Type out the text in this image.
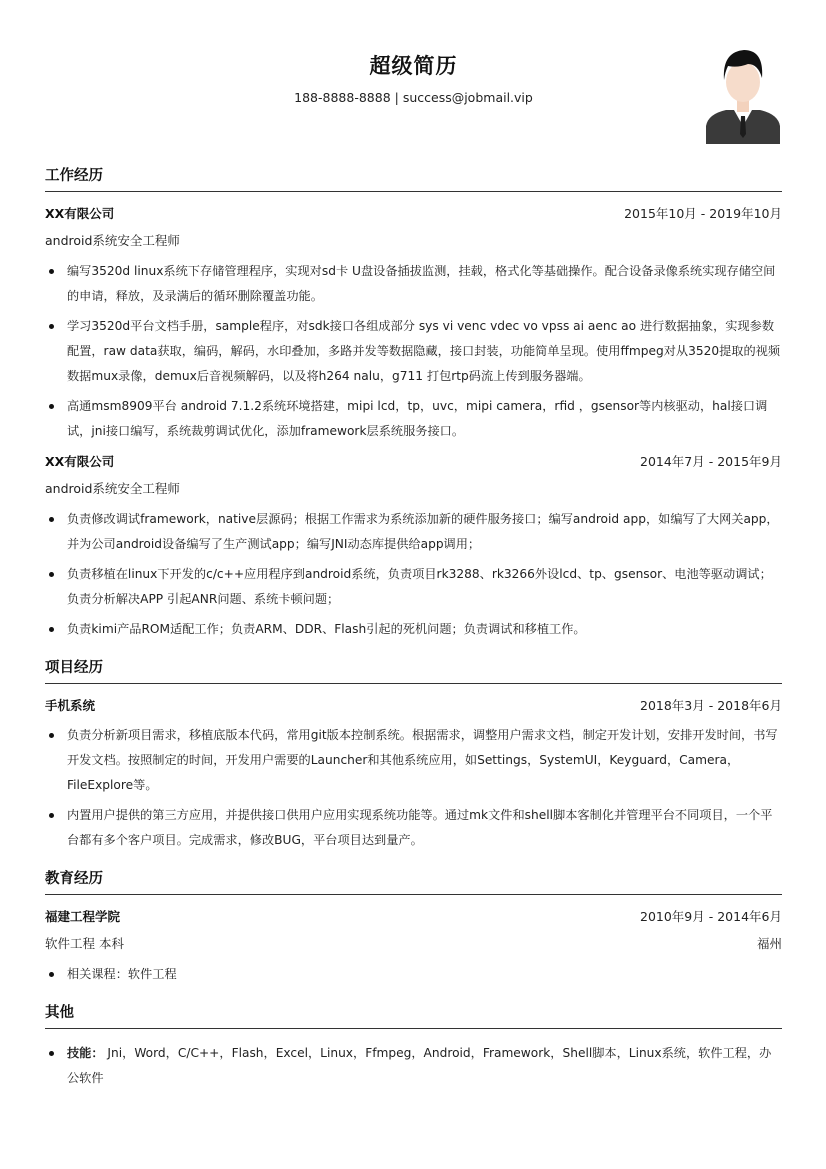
超级简历
188-8888-8888 | success@jobmail.vip
工作经历
XX有限公司	2015年10月 - 2019年10月
android系统安全工程师
编写3520d linux系统下存储管理程序，实现对sd卡 U盘设备插拔监测，挂载，格式化等基础操作。配合设备录像系统实现存储空间的申请，释放，及录满后的循环删除覆盖功能。
学习3520d平台文档手册，sample程序，对sdk接口各组成部分 sys vi venc vdec vo vpss ai aenc ao 进行数据抽象，实现参数配置，raw data获取，编码，解码，水印叠加，多路并发等数据隐藏，接口封装，功能简单呈现。使用ffmpeg对从3520提取的视频数据mux录像，demux后音视频解码，以及将h264 nalu，g711 打包rtp码流上传到服务器端。
高通msm8909平台 android 7.1.2系统环境搭建，mipi lcd，tp，uvc，mipi camera，rfid ，gsensor等内核驱动，hal接口调试，jni接口编写，系统裁剪调试优化，添加framework层系统服务接口。
XX有限公司	2014年7月 - 2015年9月
android系统安全工程师
负责修改调试framework，native层源码；根据工作需求为系统添加新的硬件服务接口；编写android app，如编写了大网关app，并为公司android设备编写了生产测试app；编写JNI动态库提供给app调用；
负责移植在linux下开发的c/c++应用程序到android系统，负责项目rk3288、rk3266外设lcd、tp、gsensor、电池等驱动调试；负责分析解决APP 引起ANR问题、系统卡顿问题；
负责kimi产品ROM适配工作；负责ARM、DDR、Flash引起的死机问题；负责调试和移植工作。
项目经历
手机系统	2018年3月 - 2018年6月
负责分析新项目需求，移植底版本代码，常用git版本控制系统。根据需求，调整用户需求文档，制定开发计划，安排开发时间，书写开发文档。按照制定的时间，开发用户需要的Launcher和其他系统应用，如Settings，SystemUI，Keyguard，Camera，FileExplore等。
内置用户提供的第三方应用，并提供接口供用户应用实现系统功能等。通过mk文件和shell脚本客制化并管理平台不同项目，一个平台都有多个客户项目。完成需求，修改BUG，平台项目达到量产。
教育经历
福建工程学院	2010年9月 - 2014年6月
软件工程 本科	福州
相关课程：软件工程
其他
技能： Jni，Word，C/C++，Flash，Excel，Linux，Ffmpeg，Android，Framework，Shell脚本，Linux系统，软件工程，办公软件
